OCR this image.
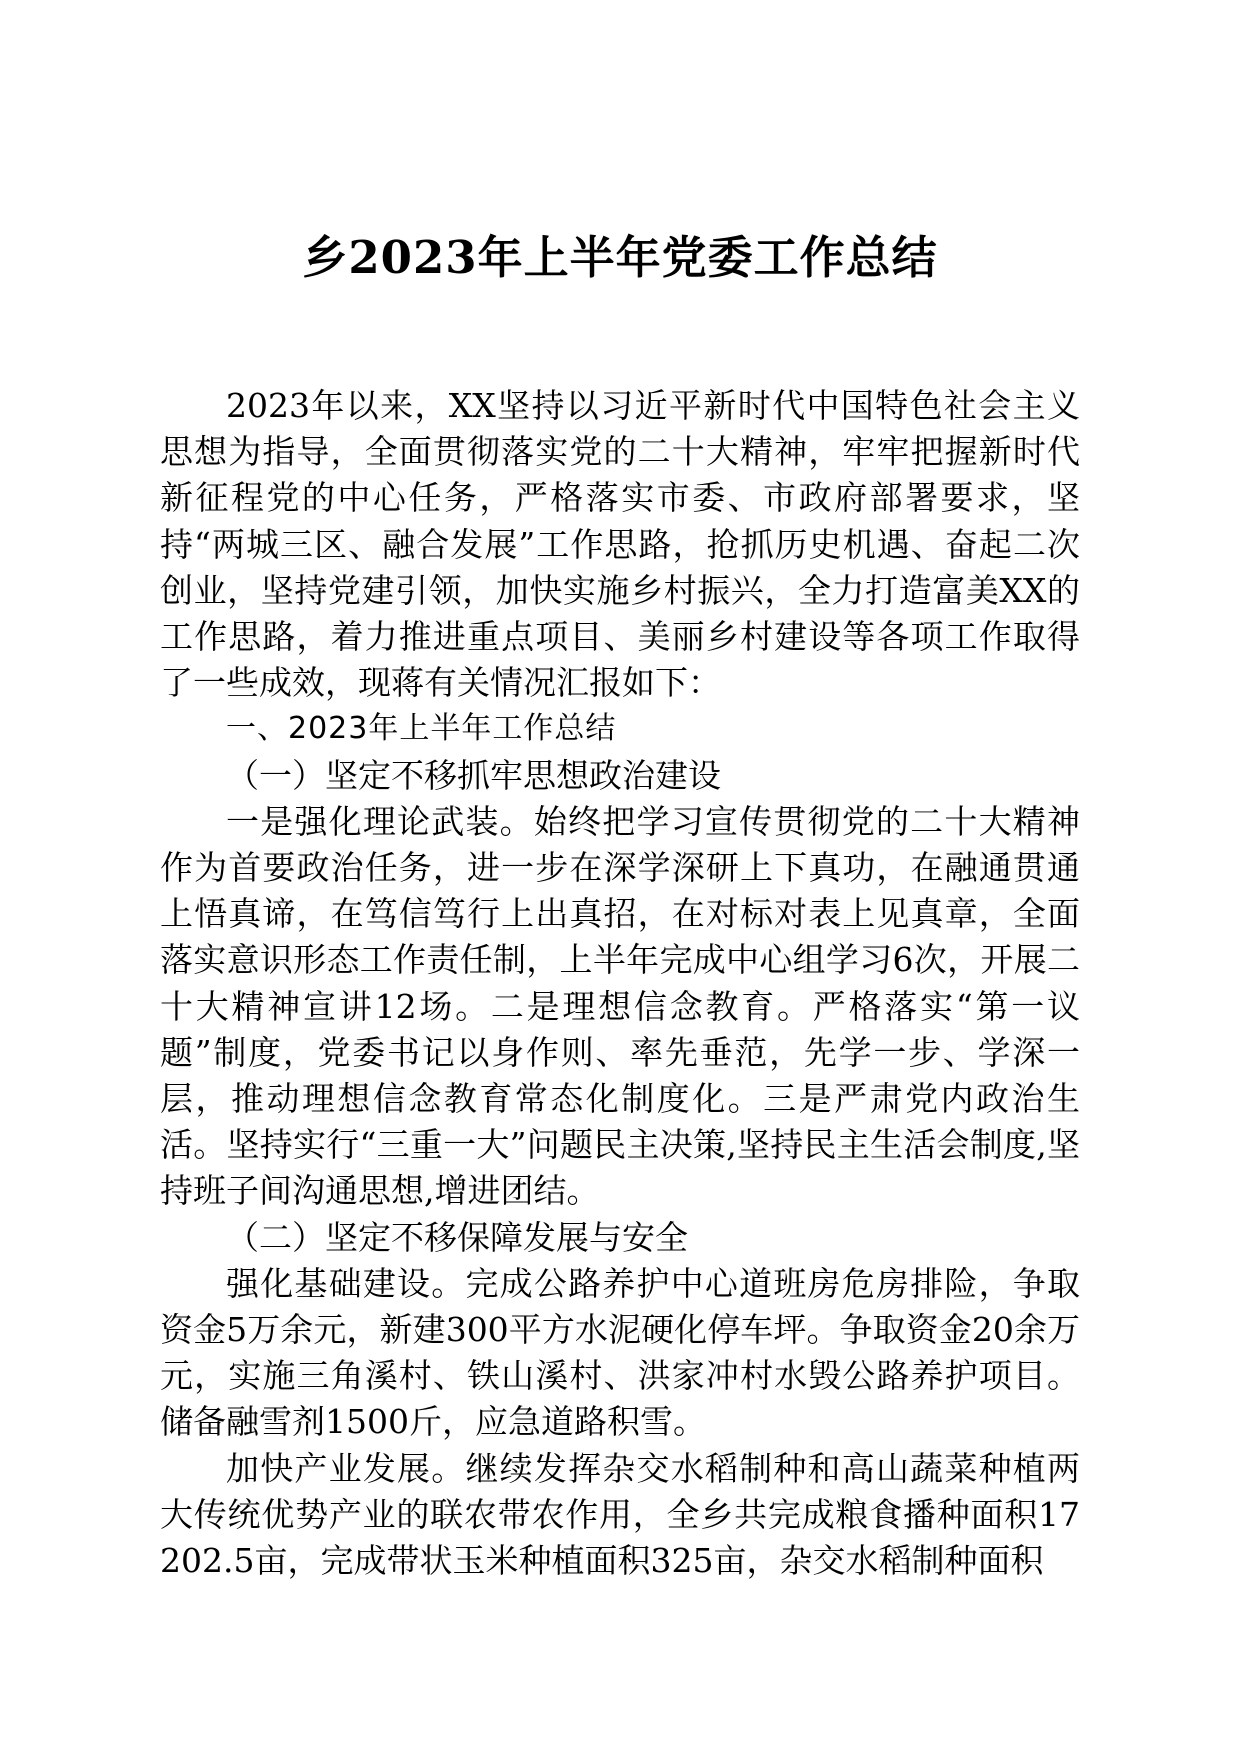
乡2023年上半年党委工作总结

2023年以来，XX坚持以习近平新时代中国特色社会主义思想为指导，全面贯彻落实党的二十大精神，牢牢把握新时代新征程党的中心任务，严格落实市委、市政府部署要求，坚持“两城三区、融合发展”工作思路，抢抓历史机遇、奋起二次创业，坚持党建引领，加快实施乡村振兴，全力打造富美XX的工作思路，着力推进重点项目、美丽乡村建设等各项工作取得了一些成效，现蒋有关情况汇报如下：

一、2023年上半年工作总结

（一）坚定不移抓牢思想政治建设

一是强化理论武装。始终把学习宣传贯彻党的二十大精神作为首要政治任务，进一步在深学深研上下真功，在融通贯通上悟真谛，在笃信笃行上出真招，在对标对表上见真章，全面落实意识形态工作责任制，上半年完成中心组学习6次，开展二十大精神宣讲12场。二是理想信念教育。严格落实“第一议题”制度，党委书记以身作则、率先垂范，先学一步、学深一层，推动理想信念教育常态化制度化。三是严肃党内政治生活。坚持实行“三重一大”问题民主决策,坚持民主生活会制度,坚持班子间沟通思想,增进团结。

（二）坚定不移保障发展与安全

强化基础建设。完成公路养护中心道班房危房排险，争取资金5万余元，新建300平方水泥硬化停车坪。争取资金20余万元，实施三角溪村、铁山溪村、洪家冲村水毁公路养护项目。储备融雪剂1500斤，应急道路积雪。

加快产业发展。继续发挥杂交水稻制种和高山蔬菜种植两大传统优势产业的联农带农作用，全乡共完成粮食播种面积17202.5亩，完成带状玉米种植面积325亩，杂交水稻制种面积
